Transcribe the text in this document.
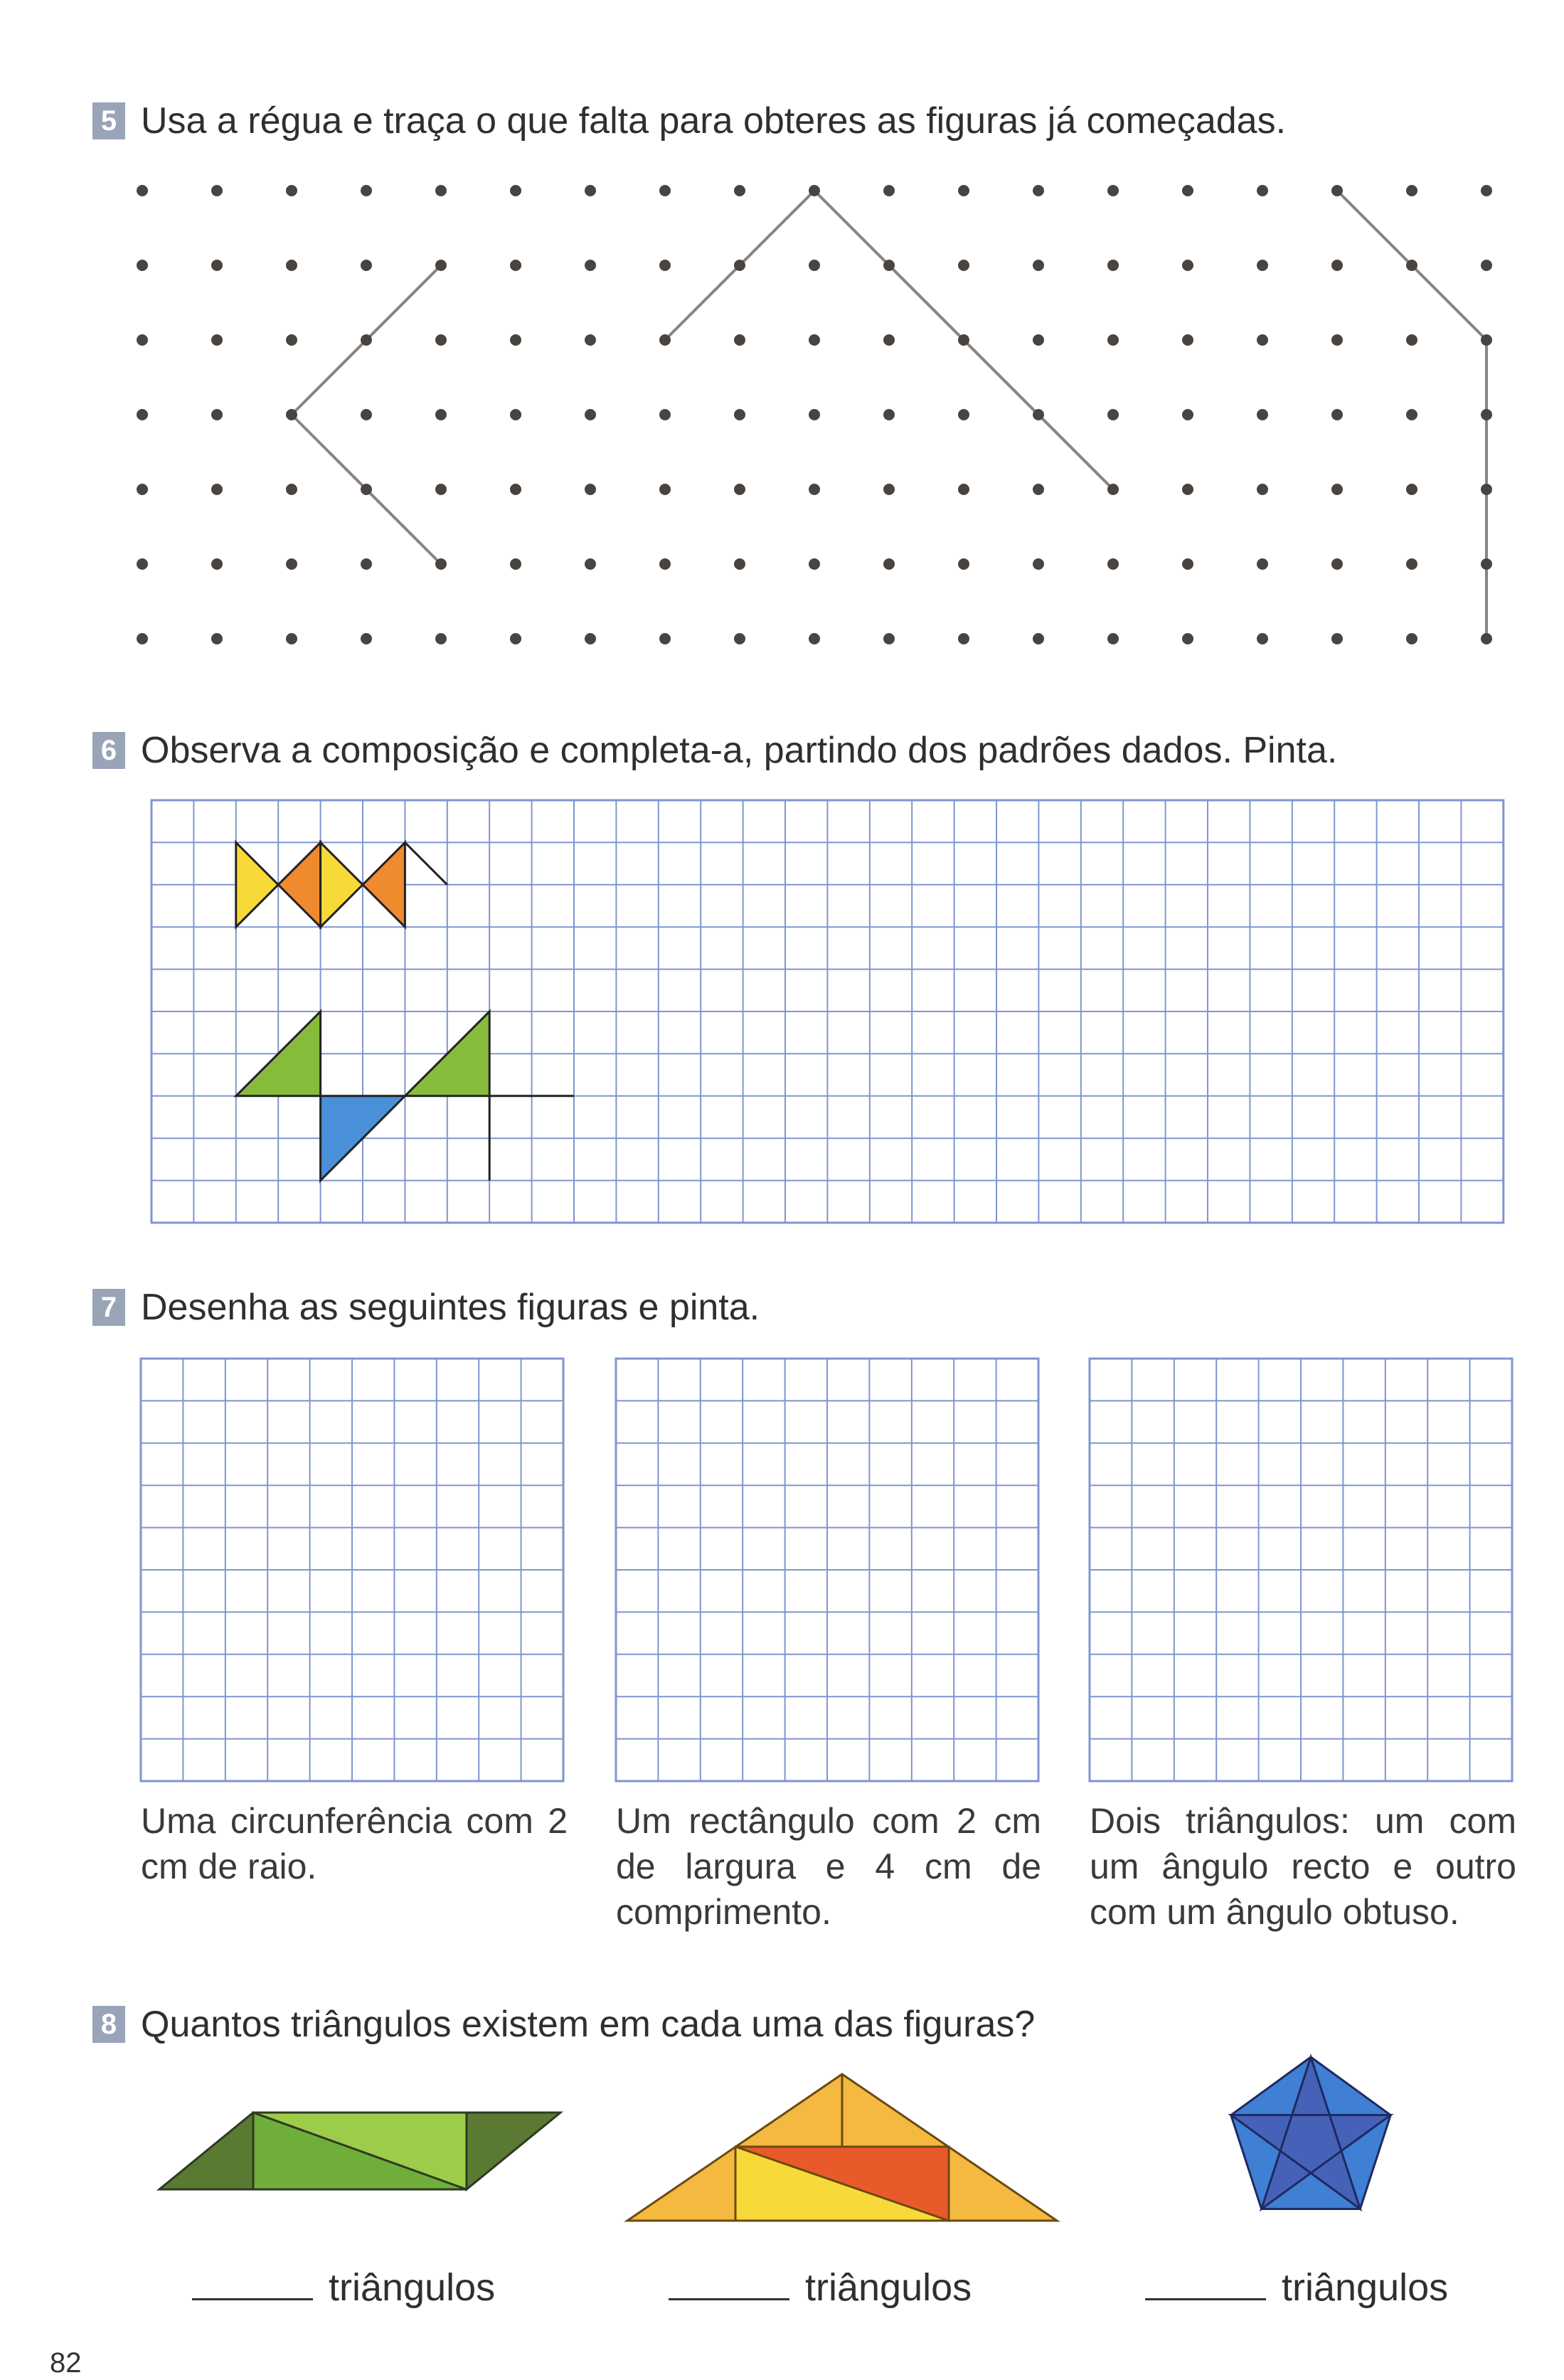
5 Usa a régua e traça o que falta para obteres as figuras já começadas.
6 Observa a composição e completa-a, partindo dos padrões dados. Pinta.
7 Desenha as seguintes figuras e pinta.
Uma circunferência com 2 cm de raio.
Um rectângulo com 2 cm de largura e 4 cm de comprimento.
Dois triângulos: um com um ângulo recto e outro com um ângulo obtuso.
8 Quantos triângulos existem em cada uma das figuras?
triângulos	triângulos	triângulos
82
